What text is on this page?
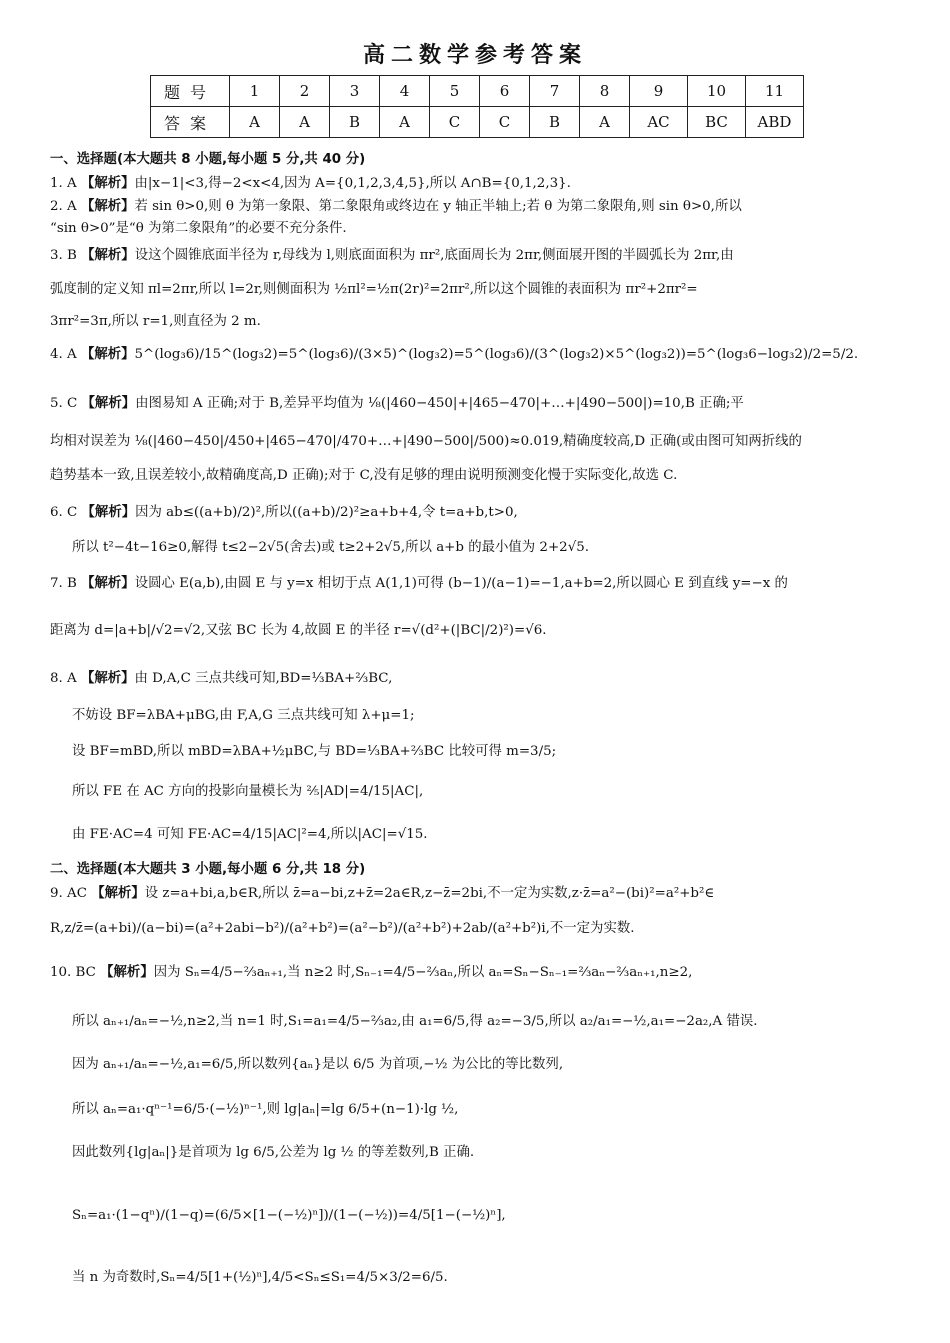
高二数学参考答案
题号	1	2	3	4	5	6	7	8	9	10	11
答案	A	A	B	A	C	C	B	A	AC	BC	ABD
一、选择题(本大题共 8 小题,每小题 5 分,共 40 分)
1. A 【解析】由|x−1|<3,得−2<x<4,因为 A={0,1,2,3,4,5},所以 A∩B={0,1,2,3}.
2. A 【解析】若 sin θ>0,则 θ 为第一象限、第二象限角或终边在 y 轴正半轴上;若 θ 为第二象限角,则 sin θ>0,所以
“sin θ>0”是“θ 为第二象限角”的必要不充分条件.
3. B 【解析】设这个圆锥底面半径为 r,母线为 l,则底面面积为 πr²,底面周长为 2πr,侧面展开图的半圆弧长为 2πr,由
弧度制的定义知 πl=2πr,所以 l=2r,则侧面积为 ½πl²=½π(2r)²=2πr²,所以这个圆锥的表面积为 πr²+2πr²=
3πr²=3π,所以 r=1,则直径为 2 m.
4. A 【解析】5^(log₃6)/15^(log₃2)=5^(log₃6)/(3×5)^(log₃2)=5^(log₃6)/(3^(log₃2)×5^(log₃2))=5^(log₃6−log₃2)/2=5/2.
5. C 【解析】由图易知 A 正确;对于 B,差异平均值为 ⅛(|460−450|+|465−470|+…+|490−500|)=10,B 正确;平
均相对误差为 ⅛(|460−450|/450+|465−470|/470+…+|490−500|/500)≈0.019,精确度较高,D 正确(或由图可知两折线的
趋势基本一致,且误差较小,故精确度高,D 正确);对于 C,没有足够的理由说明预测变化慢于实际变化,故选 C.
6. C 【解析】因为 ab≤((a+b)/2)²,所以((a+b)/2)²≥a+b+4,令 t=a+b,t>0,
所以 t²−4t−16≥0,解得 t≤2−2√5(舍去)或 t≥2+2√5,所以 a+b 的最小值为 2+2√5.
7. B 【解析】设圆心 E(a,b),由圆 E 与 y=x 相切于点 A(1,1)可得 (b−1)/(a−1)=−1,a+b=2,所以圆心 E 到直线 y=−x 的
距离为 d=|a+b|/√2=√2,又弦 BC 长为 4,故圆 E 的半径 r=√(d²+(|BC|/2)²)=√6.
8. A 【解析】由 D,A,C 三点共线可知,BD=⅓BA+⅔BC,
不妨设 BF=λBA+μBG,由 F,A,G 三点共线可知 λ+μ=1;
设 BF=mBD,所以 mBD=λBA+½μBC,与 BD=⅓BA+⅔BC 比较可得 m=3/5;
所以 FE 在 AC 方向的投影向量模长为 ⅖|AD|=4/15|AC|,
由 FE·AC=4 可知 FE·AC=4/15|AC|²=4,所以|AC|=√15.
二、选择题(本大题共 3 小题,每小题 6 分,共 18 分)
9. AC 【解析】设 z=a+bi,a,b∈R,所以 z̄=a−bi,z+z̄=2a∈R,z−z̄=2bi,不一定为实数,z·z̄=a²−(bi)²=a²+b²∈
R,z/z̄=(a+bi)/(a−bi)=(a²+2abi−b²)/(a²+b²)=(a²−b²)/(a²+b²)+2ab/(a²+b²)i,不一定为实数.
10. BC 【解析】因为 Sₙ=4/5−⅔aₙ₊₁,当 n≥2 时,Sₙ₋₁=4/5−⅔aₙ,所以 aₙ=Sₙ−Sₙ₋₁=⅔aₙ−⅔aₙ₊₁,n≥2,
所以 aₙ₊₁/aₙ=−½,n≥2,当 n=1 时,S₁=a₁=4/5−⅔a₂,由 a₁=6/5,得 a₂=−3/5,所以 a₂/a₁=−½,a₁=−2a₂,A 错误.
因为 aₙ₊₁/aₙ=−½,a₁=6/5,所以数列{aₙ}是以 6/5 为首项,−½ 为公比的等比数列,
所以 aₙ=a₁·qⁿ⁻¹=6/5·(−½)ⁿ⁻¹,则 lg|aₙ|=lg 6/5+(n−1)·lg ½,
因此数列{lg|aₙ|}是首项为 lg 6/5,公差为 lg ½ 的等差数列,B 正确.
Sₙ=a₁·(1−qⁿ)/(1−q)=(6/5×[1−(−½)ⁿ])/(1−(−½))=4/5[1−(−½)ⁿ],
当 n 为奇数时,Sₙ=4/5[1+(½)ⁿ],4/5<Sₙ≤S₁=4/5×3/2=6/5.
